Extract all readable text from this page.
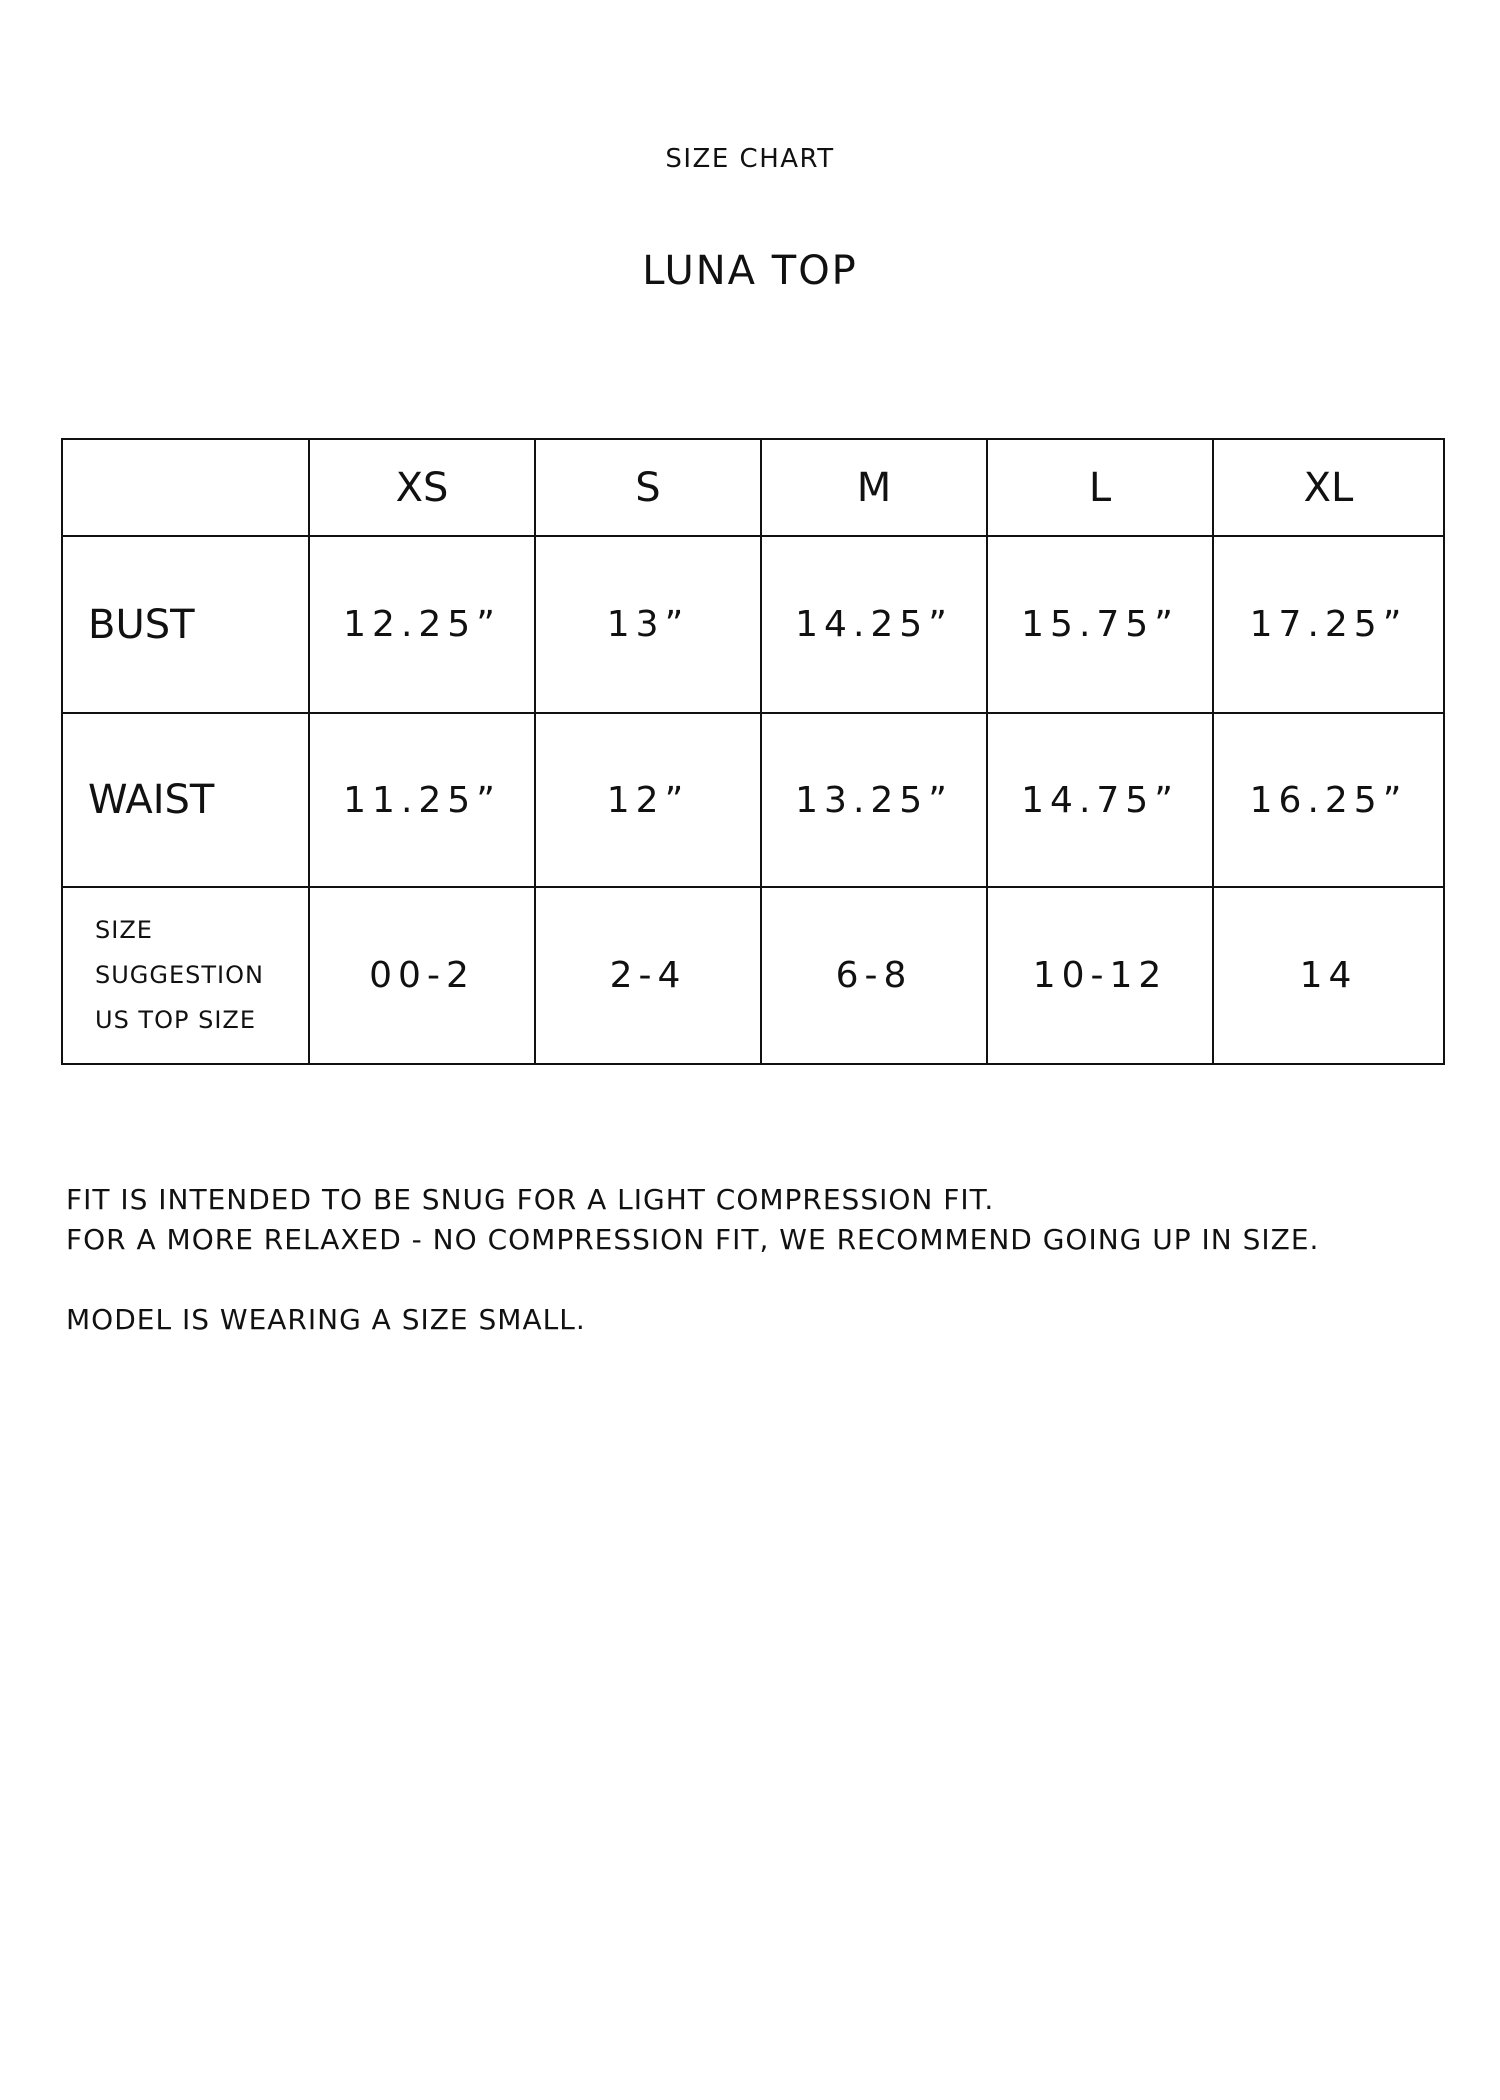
SIZE CHART
LUNA TOP
	XS	S	M	L	XL
BUST	12.25”	13”	14.25”	15.75”	17.25”
WAIST	11.25”	12”	13.25”	14.75”	16.25”

SIZE
SUGGESTION
US TOP SIZE	00-2	2-4	6-8	10-12	14

FIT IS INTENDED TO BE SNUG FOR A LIGHT COMPRESSION FIT.

FOR A MORE RELAXED - NO COMPRESSION FIT, WE RECOMMEND GOING UP IN SIZE.

MODEL IS WEARING A SIZE SMALL.
